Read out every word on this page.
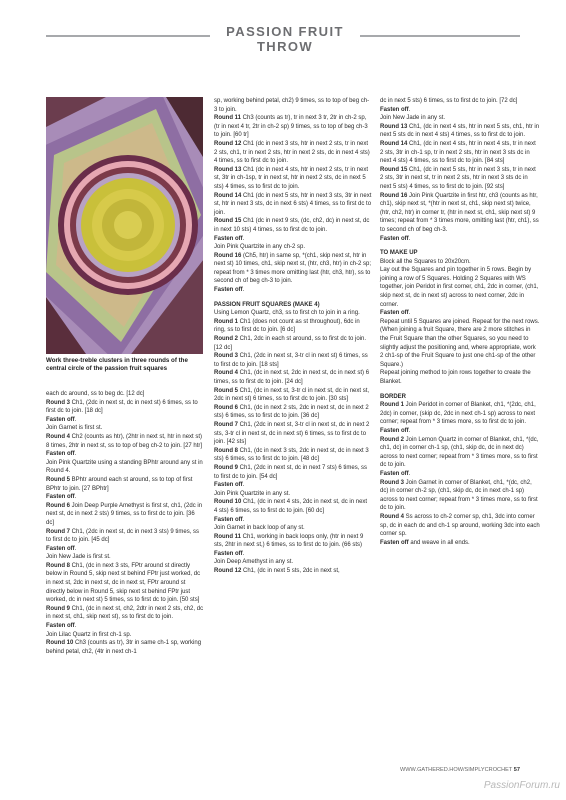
PASSION FRUIT THROW
Work three-treble clusters in three rounds of the central circle of the passion fruit squares

each dc around, ss to beg dc. [12 dc]

Round 3 Ch1, (2dc in next st, dc in next st) 6 times, ss to first dc to join. [18 dc]

Fasten off.

Join Garnet is first st.

Round 4 Ch2 (counts as htr), (2htr in next st, htr in next st) 8 times, 2htr in next st, ss to top of beg ch-2 to join. [27 htr]

Fasten off.

Join Pink Quartzite using a standing BPhtr around any st in Round 4.

Round 5 BPhtr around each st around, ss to top of first BPhtr to join. [27 BPhtr]

Fasten off.

Round 6 Join Deep Purple Amethyst is first st, ch1, (2dc in next st, dc in next 2 sts) 9 times, ss to first dc to join. [36 dc]

Round 7 Ch1, (2dc in next st, dc in next 3 sts) 9 times, ss to first dc to join. [45 dc]

Fasten off.

Join New Jade is first st.

Round 8 Ch1, (dc in next 3 sts, FPtr around st directly below in Round 5, skip next st behind FPtr just worked, dc in next st, 2dc in next st, dc in next st, FPtr around st directly below in Round 5, skip next st behind FPtr just worked, dc in next st) 5 times, ss to first dc to join. [50 sts]

Round 9 Ch1, (dc in next st, ch2, 2dtr in next 2 sts, ch2, dc in next st, ch1, skip next st), ss to first dc to join.

Fasten off.

Join Lilac Quartz in first ch-1 sp.

Round 10 Ch3 (counts as tr), 3tr in same ch-1 sp, working behind petal, ch2, (4tr in next ch-1

sp, working behind petal, ch2) 9 times, ss to top of beg ch-3 to join.

Round 11 Ch3 (counts as tr), tr in next 3 tr, 2tr in ch-2 sp, (tr in next 4 tr, 2tr in ch-2 sp) 9 times, ss to top of beg ch-3 to join. [60 tr]

Round 12 Ch1 (dc in next 3 sts, htr in next 2 sts, tr in next 2 sts, ch1, tr in next 2 sts, htr in next 2 sts, dc in next 4 sts) 4 times, ss to first dc to join.

Round 13 Ch1 (dc in next 4 sts, htr in next 2 sts, tr in next st, 3tr in ch-1sp, tr in next st, htr in next 2 sts, dc in next 5 sts) 4 times, ss to first dc to join.

Round 14 Ch1 (dc in next 5 sts, htr in next 3 sts, 3tr in next st, htr in next 3 sts, dc in next 6 sts) 4 times, ss to first dc to join.

Round 15 Ch1 (dc in next 9 sts, (dc, ch2, dc) in next st, dc in next 10 sts) 4 times, ss to first dc to join.

Fasten off.

Join Pink Quartzite in any ch-2 sp.

Round 16 (Ch5, htr) in same sp, *(ch1, skip next st, htr in next st) 10 times, ch1, skip next st, (htr, ch3, htr) in ch-2 sp; repeat from * 3 times more omitting last (htr, ch3, htr), ss to second ch of beg ch-3 to join.

Fasten off.

PASSION FRUIT SQUARES (MAKE 4)

Using Lemon Quartz, ch3, ss to first ch to join in a ring.

Round 1 Ch1 (does not count as st throughout), 6dc in ring, ss to first dc to join. [6 dc]

Round 2 Ch1, 2dc in each st around, ss to first dc to join. [12 dc]

Round 3 Ch1, (2dc in next st, 3-tr cl in next st) 6 times, ss to first dc to join. [18 sts]

Round 4 Ch1, (dc in next st, 2dc in next st, dc in next st) 6 times, ss to first dc to join. [24 dc]

Round 5 Ch1, (dc in next st, 3-tr cl in next st, dc in next st, 2dc in next st) 6 times, ss to first dc to join. [30 sts]

Round 6 Ch1, (dc in next 2 sts, 2dc in next st, dc in next 2 sts) 6 times, ss to first dc to join. [36 dc]

Round 7 Ch1, (2dc in next st, 3-tr cl in next st, dc in next 2 sts, 3-tr cl in next st, dc in next st) 6 times, ss to first dc to join. [42 sts]

Round 8 Ch1, (dc in next 3 sts, 2dc in next st, dc in next 3 sts) 6 times, ss to first dc to join. [48 dc]

Round 9 Ch1, (2dc in next st, dc in next 7 sts) 6 times, ss to first dc to join. [54 dc]

Fasten off.

Join Pink Quartzite in any st.

Round 10 Ch1, (dc in next 4 sts, 2dc in next st, dc in next 4 sts) 6 times, ss to first dc to join. [60 dc]

Fasten off.

Join Garnet in back loop of any st.

Round 11 Ch1, working in back loops only, (htr in next 9 sts, 2htr in next st,) 6 times, ss to first dc to join. (66 sts)

Fasten off.

Join Deep Amethyst in any st.

Round 12 Ch1, (dc in next 5 sts, 2dc in next st,

dc in next 5 sts) 6 times, ss to first dc to join. [72 dc]

Fasten off.

Join New Jade in any st.

Round 13 Ch1, (dc in next 4 sts, htr in next 5 sts, ch1, htr in next 5 sts dc in next 4 sts) 4 times, ss to first dc to join.

Round 14 Ch1, (dc in next 4 sts, htr in next 4 sts, tr in next 2 sts, 3tr in ch-1 sp, tr in next 2 sts, htr in next 3 sts dc in next 4 sts) 4 times, ss to first dc to join. [84 sts]

Round 15 Ch1, (dc in next 5 sts, htr in next 3 sts, tr in next 2 sts, 3tr in next st, tr in next 2 sts, htr in next 3 sts dc in next 5 sts) 4 times, ss to first dc to join. [92 sts]

Round 16 Join Pink Quartzite in first htr, ch3 (counts as htr, ch1), skip next st, *(htr in next st, ch1, skip next st) twice, (htr, ch2, htr) in corner tr, (htr in next st, ch1, skip next st) 9 times; repeat from * 3 times more, omitting last (htr, ch1), ss to second ch of beg ch-3.

Fasten off.

TO MAKE UP

Block all the Squares to 20x20cm.

Lay out the Squares and pin together in 5 rows. Begin by joining a row of 5 Squares. Holding 2 Squares with WS together, join Peridot in first corner, ch1, 2dc in corner, (ch1, skip next st, dc in next st) across to next corner, 2dc in corner.

Fasten off.

Repeat until 5 Squares are joined. Repeat for the next rows.

(When joining a fruit Square, there are 2 more stitches in the Fruit Square than the other Squares, so you need to slightly adjust the positioning and, where appropriate, work 2 ch1-sp of the Fruit Square to just one ch1-sp of the other Square.)

Repeat joining method to join rows together to create the Blanket.

BORDER

Round 1 Join Peridot in corner of Blanket, ch1, *(2dc, ch1, 2dc) in corner, (skip dc, 2dc in next ch-1 sp) across to next corner; repeat from * 3 times more, ss to first dc to join.

Fasten off.

Round 2 Join Lemon Quartz in corner of Blanket, ch1, *(dc, ch1, dc) in corner ch-1 sp, (ch1, skip dc, dc in next dc) across to next corner; repeat from * 3 times more, ss to first dc to join.

Fasten off.

Round 3 Join Garnet in corner of Blanket, ch1, *(dc, ch2, dc) in corner ch-2 sp, (ch1, skip dc, dc in next ch-1 sp) across to next corner; repeat from * 3 times more, ss to first dc to join.

Round 4 Ss across to ch-2 corner sp, ch1, 3dc into corner sp, dc in each dc and ch-1 sp around, working 3dc into each corner sp.

Fasten off and weave in all ends.

WWW.GATHERED.HOW/SIMPLYCROCHET 57
PassionForum.ru
